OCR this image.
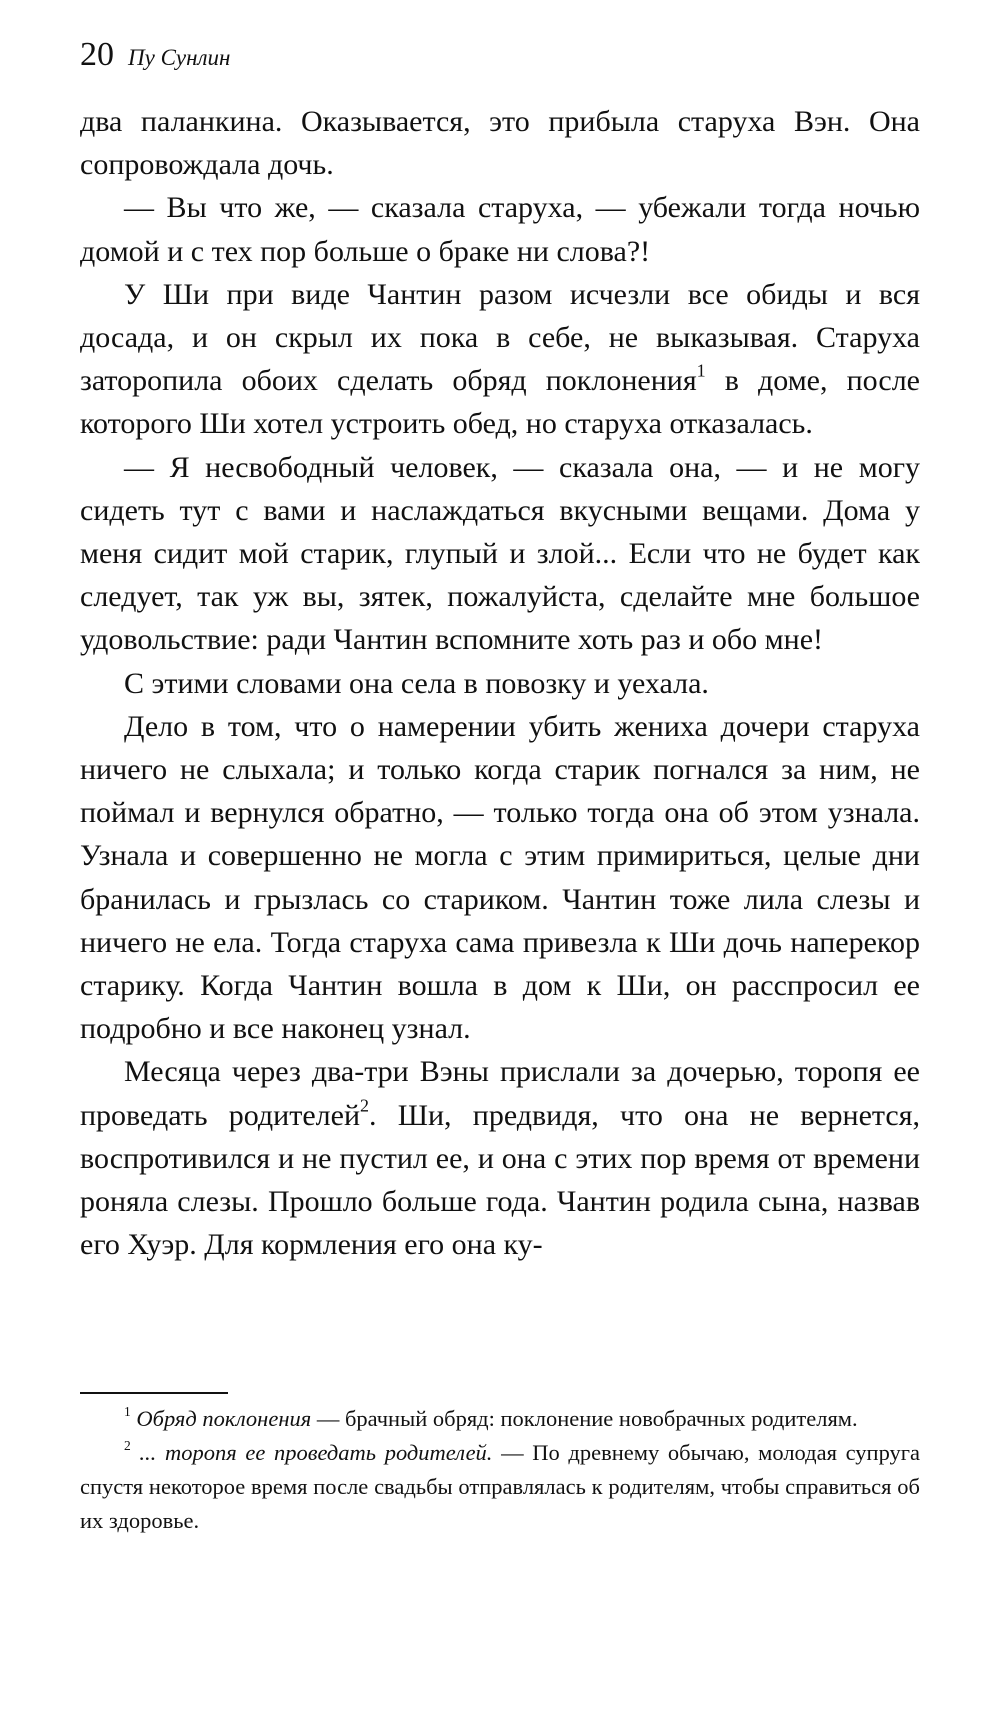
20 Пу Сунлин

два паланкина. Оказывается, это прибыла старуха Вэн. Она сопровождала дочь.

— Вы что же, — сказала старуха, — убежали тогда ночью домой и с тех пор больше о браке ни слова?!

У Ши при виде Чантин разом исчезли все обиды и вся досада, и он скрыл их пока в себе, не выказывая. Старуха заторопила обоих сделать обряд поклонения$^1$ в доме, после которого Ши хотел устроить обед, но старуха отказалась.

— Я несвободный человек, — сказала она, — и не могу сидеть тут с вами и наслаждаться вкусными вещами. Дома у меня сидит мой старик, глупый и злой... Если что не будет как следует, так уж вы, зятек, пожалуйста, сделайте мне большое удовольствие: ради Чантин вспомните хоть раз и обо мне!

С этими словами она села в повозку и уехала.

Дело в том, что о намерении убить жениха дочери старуха ничего не слыхала; и только когда старик погнался за ним, не поймал и вернулся обратно, — только тогда она об этом узнала. Узнала и совершенно не могла с этим примириться, целые дни бранилась и грызлась со стариком. Чантин тоже лила слезы и ничего не ела. Тогда старуха сама привезла к Ши дочь наперекор старику. Когда Чантин вошла в дом к Ши, он расспросил ее подробно и все наконец узнал.

Месяца через два-три Вэны прислали за дочерью, торопя ее проведать родителей$^2$. Ши, предвидя, что она не вернется, воспротивился и не пустил ее, и она с этих пор время от времени роняла слезы. Прошло больше года. Чантин родила сына, назвав его Хуэр. Для кормления его она ку-

$^1$ Обряд поклонения — брачный обряд: поклонение новобрачных родителям.

$^2$ ... торопя ее проведать родителей. — По древнему обычаю, молодая супруга спустя некоторое время после свадьбы отправлялась к родителям, чтобы справиться об их здоровье.
